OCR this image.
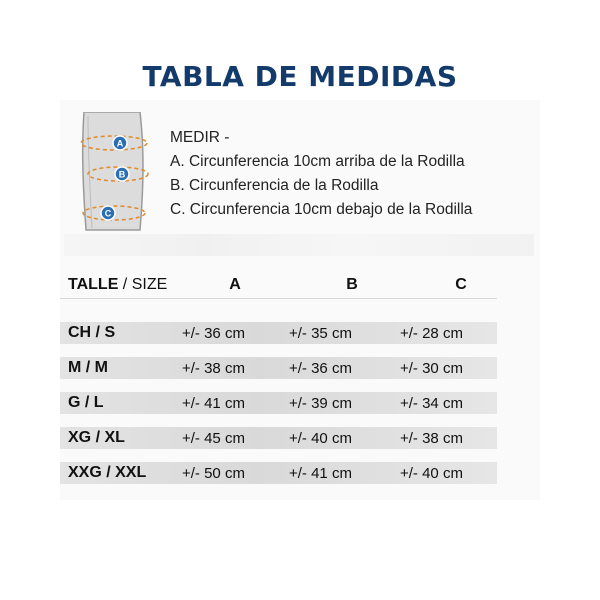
TABLA DE MEDIDAS
A
B
C
MEDIR -
A. Circunferencia 10cm arriba de la Rodilla
B. Circunferencia de la Rodilla
C. Circunferencia 10cm debajo de la Rodilla
TALLE / SIZE	A	B	C
CH / S	+/- 36 cm	+/- 35 cm	+/- 28 cm
M / M	+/- 38 cm	+/- 36 cm	+/- 30 cm
G / L	+/- 41 cm	+/- 39 cm	+/- 34 cm
XG / XL	+/- 45 cm	+/- 40 cm	+/- 38 cm
XXG / XXL +/- 50 cm	+/- 41 cm	+/- 40 cm
